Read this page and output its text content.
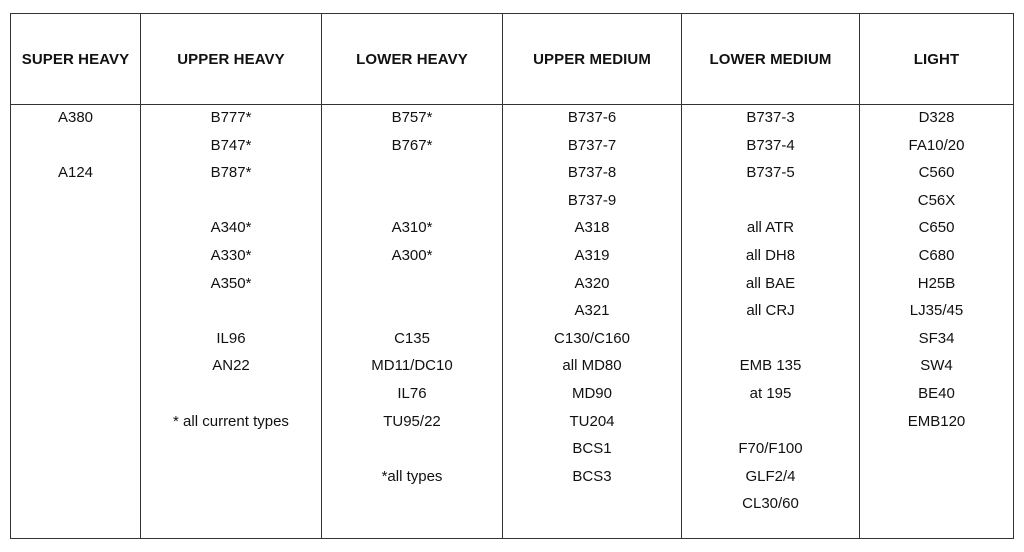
SUPER HEAVY
A380
A124
UPPER HEAVY
B777*
B747*
B787*
A340*
A330*
A350*
IL96
AN22
* all current types
LOWER HEAVY
B757*
B767*
A310*
A300*
C135
MD11/DC10
IL76
TU95/22
*all types
UPPER MEDIUM
B737-6
B737-7
B737-8
B737-9
A318
A319
A320
A321
C130/C160
all MD80
MD90
TU204
BCS1
BCS3
LOWER MEDIUM
B737-3
B737-4
B737-5
all ATR
all DH8
all BAE
all CRJ
EMB 135
at 195
F70/F100
GLF2/4
CL30/60
LIGHT
D328
FA10/20
C560
C56X
C650
C680
H25B
LJ35/45
SF34
SW4
BE40
EMB120
